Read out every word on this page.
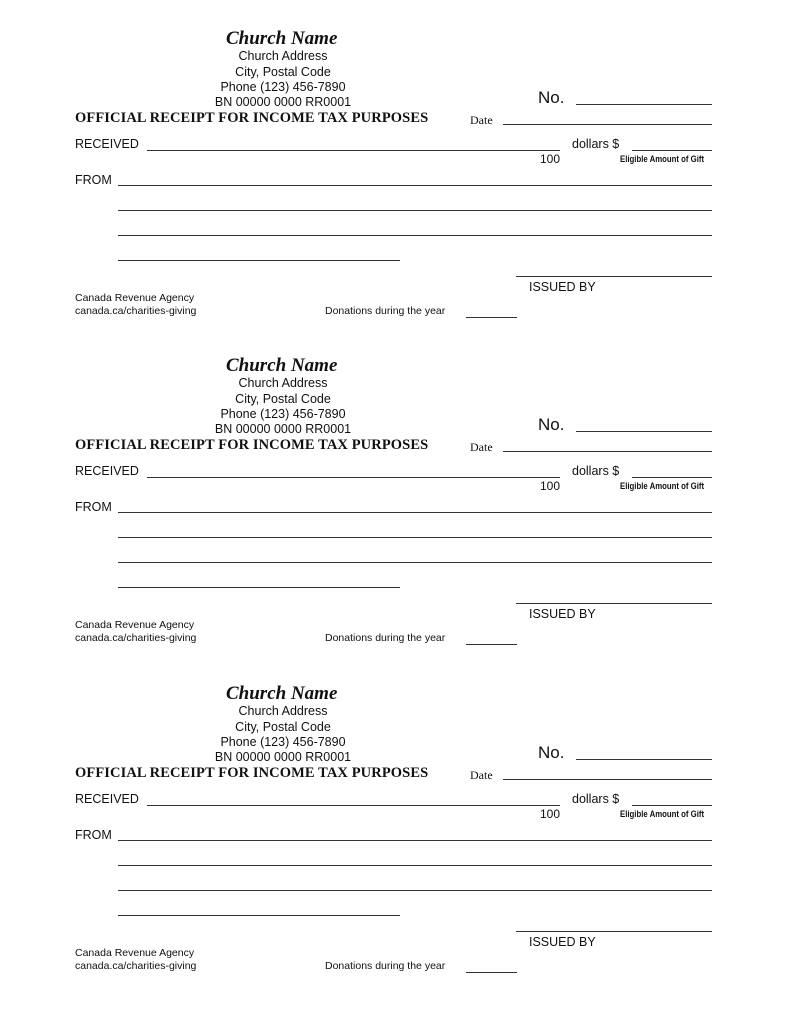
Church Name
Church Address
City, Postal Code
Phone (123) 456-7890
BN 00000 0000 RR0001	No.
OFFICIAL RECEIPT FOR INCOME TAX PURPOSES	Date
RECEIVED	dollars $
100	Eligible Amount of Gift
FROM
ISSUED BY
Canada Revenue Agency
canada.ca/charities-giving	Donations during the year
Church Name
Church Address
City, Postal Code
Phone (123) 456-7890
BN 00000 0000 RR0001	No.
OFFICIAL RECEIPT FOR INCOME TAX PURPOSES	Date
RECEIVED	dollars $
100	Eligible Amount of Gift
FROM
ISSUED BY
Canada Revenue Agency
canada.ca/charities-giving	Donations during the year
Church Name
Church Address
City, Postal Code
Phone (123) 456-7890
BN 00000 0000 RR0001	No.
OFFICIAL RECEIPT FOR INCOME TAX PURPOSES	Date
RECEIVED	dollars $
100	Eligible Amount of Gift
FROM
ISSUED BY
Canada Revenue Agency
canada.ca/charities-giving	Donations during the year
